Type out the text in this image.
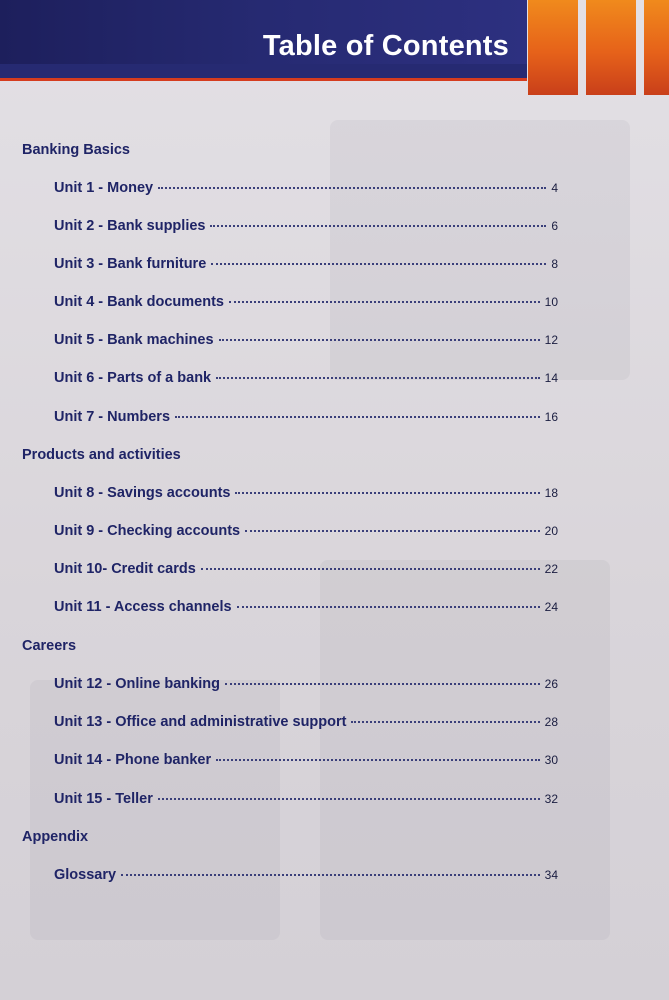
Table of Contents
Banking Basics
Unit 1 - Money	4
Unit 2 - Bank supplies	6
Unit 3 - Bank furniture	8
Unit 4 - Bank documents	10
Unit 5 - Bank machines	12
Unit 6 - Parts of a bank	14
Unit 7 - Numbers	16
Products and activities
Unit 8 - Savings accounts	18
Unit 9 - Checking accounts	20
Unit 10- Credit cards	22
Unit 11 - Access channels	24
Careers
Unit 12 - Online banking	26
Unit 13 - Office and administrative support	28
Unit 14 - Phone banker	30
Unit 15 - Teller	32
Appendix
Glossary	34
